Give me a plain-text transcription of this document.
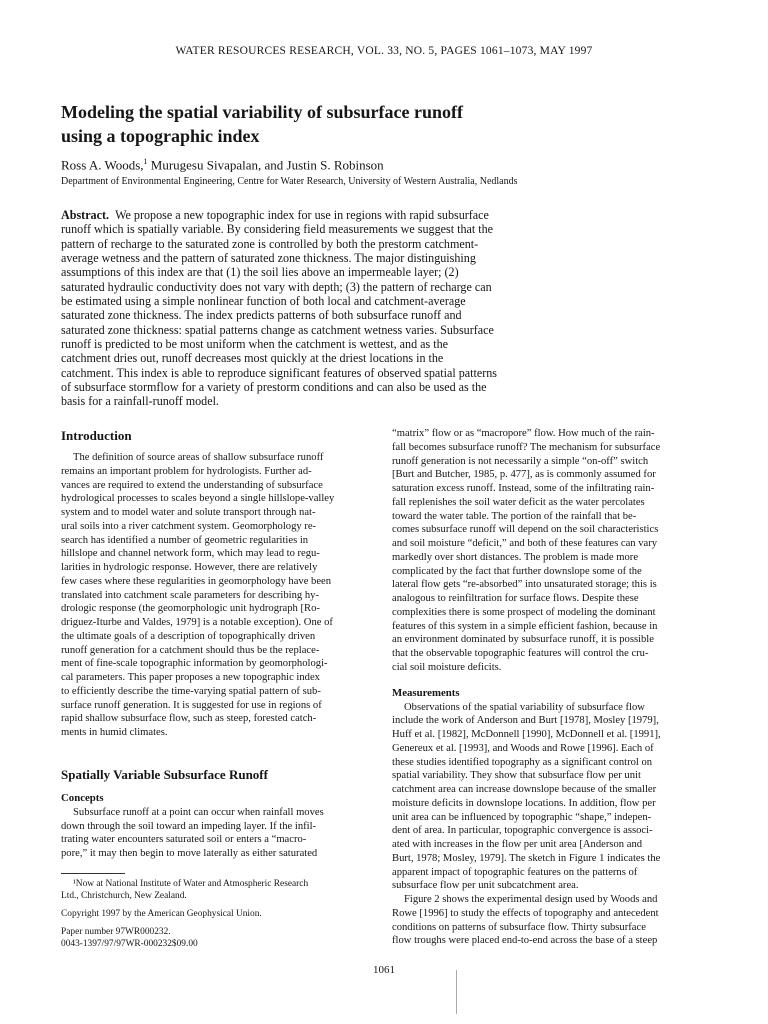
WATER RESOURCES RESEARCH, VOL. 33, NO. 5, PAGES 1061–1073, MAY 1997
Modeling the spatial variability of subsurface runoff
using a topographic index
Ross A. Woods,$^1$ Murugesu Sivapalan, and Justin S. Robinson
Department of Environmental Engineering, Centre for Water Research, University of Western Australia, Nedlands
Abstract. We propose a new topographic index for use in regions with rapid subsurface
runoff which is spatially variable. By considering field measurements we suggest that the
pattern of recharge to the saturated zone is controlled by both the prestorm catchment-
average wetness and the pattern of saturated zone thickness. The major distinguishing
assumptions of this index are that (1) the soil lies above an impermeable layer; (2)
saturated hydraulic conductivity does not vary with depth; (3) the pattern of recharge can
be estimated using a simple nonlinear function of both local and catchment-average
saturated zone thickness. The index predicts patterns of both subsurface runoff and
saturated zone thickness: spatial patterns change as catchment wetness varies. Subsurface
runoff is predicted to be most uniform when the catchment is wettest, and as the
catchment dries out, runoff decreases most quickly at the driest locations in the
catchment. This index is able to reproduce significant features of observed spatial patterns
of subsurface stormflow for a variety of prestorm conditions and can also be used as the
basis for a rainfall-runoff model.
Introduction
The definition of source areas of shallow subsurface runoff
remains an important problem for hydrologists. Further ad-
vances are required to extend the understanding of subsurface
hydrological processes to scales beyond a single hillslope-valley
system and to model water and solute transport through nat-
ural soils into a river catchment system. Geomorphology re-
search has identified a number of geometric regularities in
hillslope and channel network form, which may lead to regu-
larities in hydrologic response. However, there are relatively
few cases where these regularities in geomorphology have been
translated into catchment scale parameters for describing hy-
drologic response (the geomorphologic unit hydrograph [Ro-
driguez-Iturbe and Valdes, 1979] is a notable exception). One of
the ultimate goals of a description of topographically driven
runoff generation for a catchment should thus be the replace-
ment of fine-scale topographic information by geomorphologi-
cal parameters. This paper proposes a new topographic index
to efficiently describe the time-varying spatial pattern of sub-
surface runoff generation. It is suggested for use in regions of
rapid shallow subsurface flow, such as steep, forested catch-
ments in humid climates.
Spatially Variable Subsurface Runoff
Concepts
Subsurface runoff at a point can occur when rainfall moves
down through the soil toward an impeding layer. If the infil-
trating water encounters saturated soil or enters a “macro-
pore,” it may then begin to move laterally as either saturated
¹Now at National Institute of Water and Atmospheric Research
Ltd., Christchurch, New Zealand.
Copyright 1997 by the American Geophysical Union.
Paper number 97WR000232.
0043-1397/97/97WR-000232$09.00
“matrix” flow or as “macropore” flow. How much of the rain-
fall becomes subsurface runoff? The mechanism for subsurface
runoff generation is not necessarily a simple “on-off” switch
[Burt and Butcher, 1985, p. 477], as is commonly assumed for
saturation excess runoff. Instead, some of the infiltrating rain-
fall replenishes the soil water deficit as the water percolates
toward the water table. The portion of the rainfall that be-
comes subsurface runoff will depend on the soil characteristics
and soil moisture “deficit,” and both of these features can vary
markedly over short distances. The problem is made more
complicated by the fact that further downslope some of the
lateral flow gets “re-absorbed” into unsaturated storage; this is
analogous to reinfiltration for surface flows. Despite these
complexities there is some prospect of modeling the dominant
features of this system in a simple efficient fashion, because in
an environment dominated by subsurface runoff, it is possible
that the observable topographic features will control the cru-
cial soil moisture deficits.
Measurements
Observations of the spatial variability of subsurface flow
include the work of Anderson and Burt [1978], Mosley [1979],
Huff et al. [1982], McDonnell [1990], McDonnell et al. [1991],
Genereux et al. [1993], and Woods and Rowe [1996]. Each of
these studies identified topography as a significant control on
spatial variability. They show that subsurface flow per unit
catchment area can increase downslope because of the smaller
moisture deficits in downslope locations. In addition, flow per
unit area can be influenced by topographic “shape,” indepen-
dent of area. In particular, topographic convergence is associ-
ated with increases in the flow per unit area [Anderson and
Burt, 1978; Mosley, 1979]. The sketch in Figure 1 indicates the
apparent impact of topographic features on the patterns of
subsurface flow per unit subcatchment area.
Figure 2 shows the experimental design used by Woods and
Rowe [1996] to study the effects of topography and antecedent
conditions on patterns of subsurface flow. Thirty subsurface
flow troughs were placed end-to-end across the base of a steep
1061
